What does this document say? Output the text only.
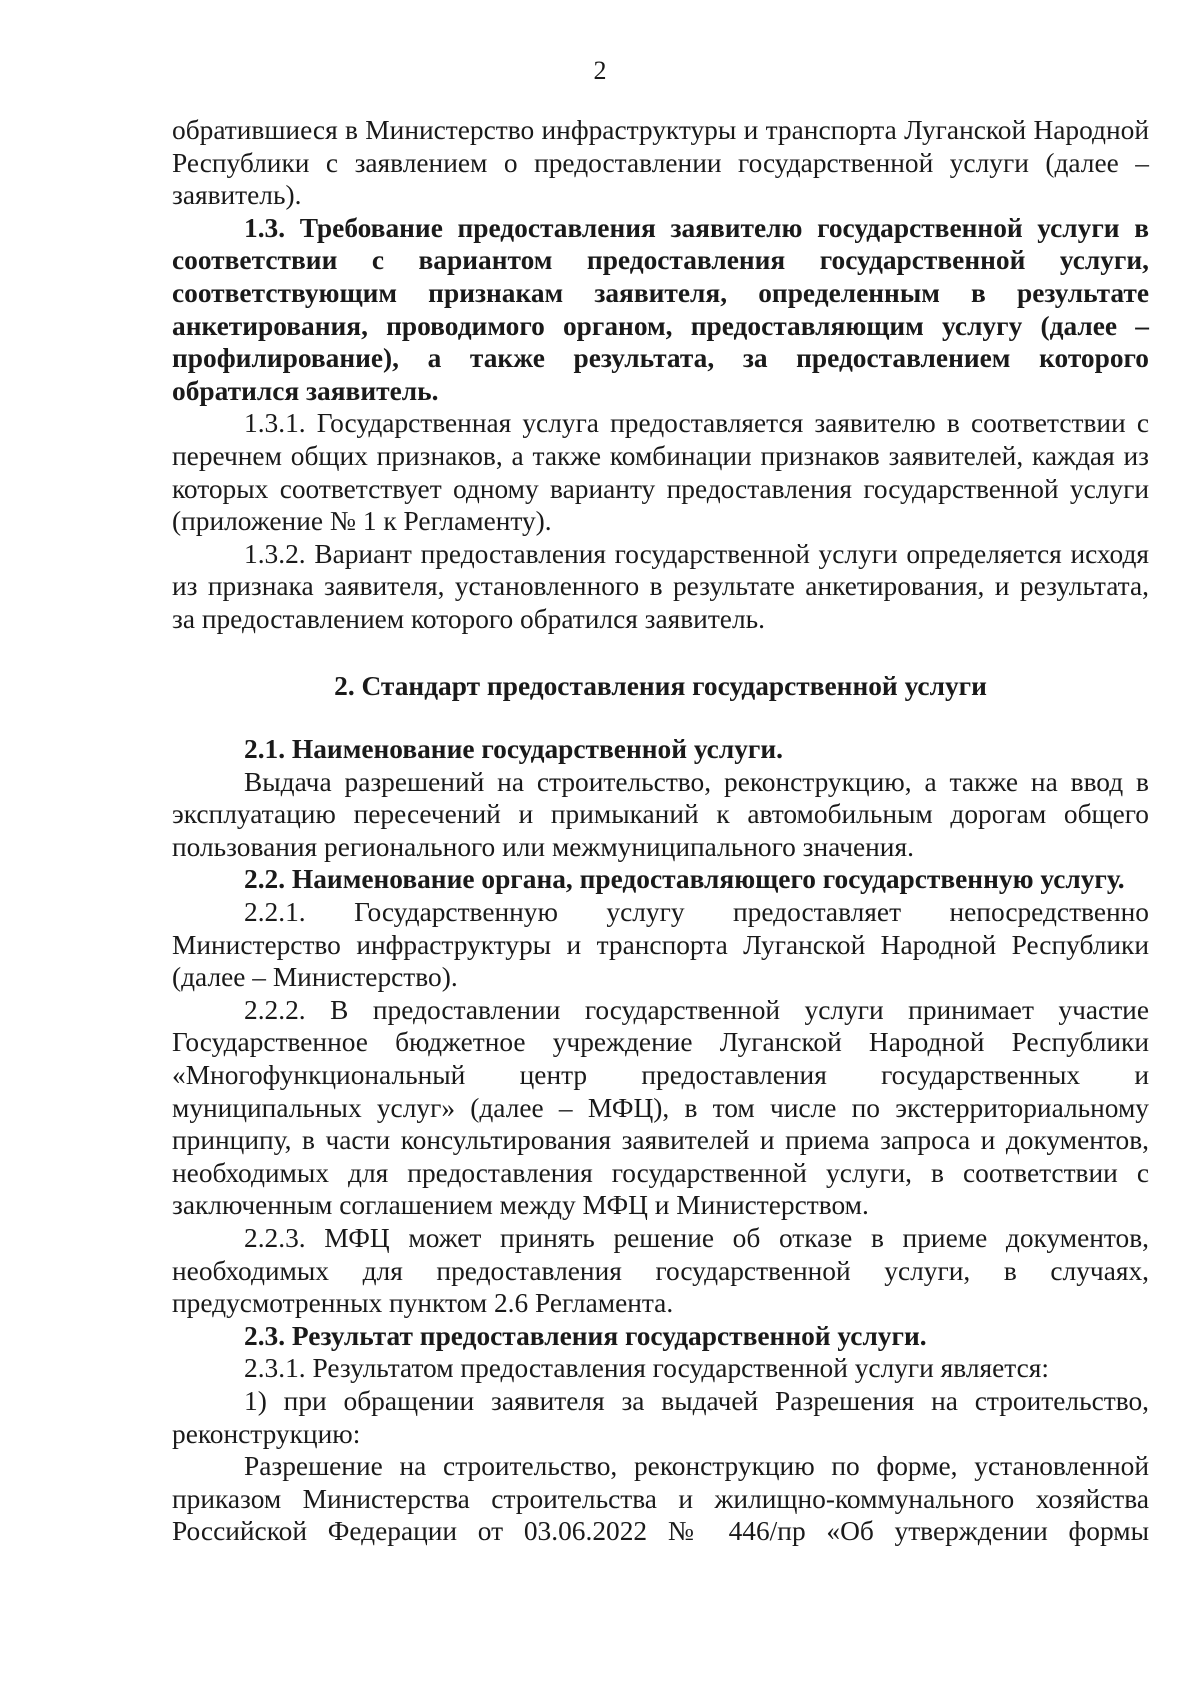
2

обратившиеся в Министерство инфраструктуры и транспорта Луганской Народной Республики с заявлением о предоставлении государственной услуги (далее – заявитель).

1.3. Требование предоставления заявителю государственной услуги в соответствии с вариантом предоставления государственной услуги, соответствующим признакам заявителя, определенным в результате анкетирования, проводимого органом, предоставляющим услугу (далее – профилирование), а также результата, за предоставлением которого обратился заявитель.

1.3.1. Государственная услуга предоставляется заявителю в соответствии с перечнем общих признаков, а также комбинации признаков заявителей, каждая из которых соответствует одному варианту предоставления государственной услуги (приложение № 1 к Регламенту).

1.3.2. Вариант предоставления государственной услуги определяется исходя из признака заявителя, установленного в результате анкетирования, и результата, за предоставлением которого обратился заявитель.

2. Стандарт предоставления государственной услуги

2.1. Наименование государственной услуги.

Выдача разрешений на строительство, реконструкцию, а также на ввод в эксплуатацию пересечений и примыканий к автомобильным дорогам общего пользования регионального или межмуниципального значения.

2.2. Наименование органа, предоставляющего государственную услугу.

2.2.1. Государственную услугу предоставляет непосредственно Министерство инфраструктуры и транспорта Луганской Народной Республики (далее – Министерство).

2.2.2. В предоставлении государственной услуги принимает участие Государственное бюджетное учреждение Луганской Народной Республики «Многофункциональный центр предоставления государственных и муниципальных услуг» (далее – МФЦ), в том числе по экстерриториальному принципу, в части консультирования заявителей и приема запроса и документов, необходимых для предоставления государственной услуги, в соответствии с заключенным соглашением между МФЦ и Министерством.

2.2.3. МФЦ может принять решение об отказе в приеме документов, необходимых для предоставления государственной услуги, в случаях, предусмотренных пунктом 2.6 Регламента.

2.3. Результат предоставления государственной услуги.

2.3.1. Результатом предоставления государственной услуги является:

1) при обращении заявителя за выдачей Разрешения на строительство, реконструкцию:

Разрешение на строительство, реконструкцию по форме, установленной приказом Министерства строительства и жилищно-коммунального хозяйства Российской Федерации от 03.06.2022 № 446/пр «Об утверждении формы
